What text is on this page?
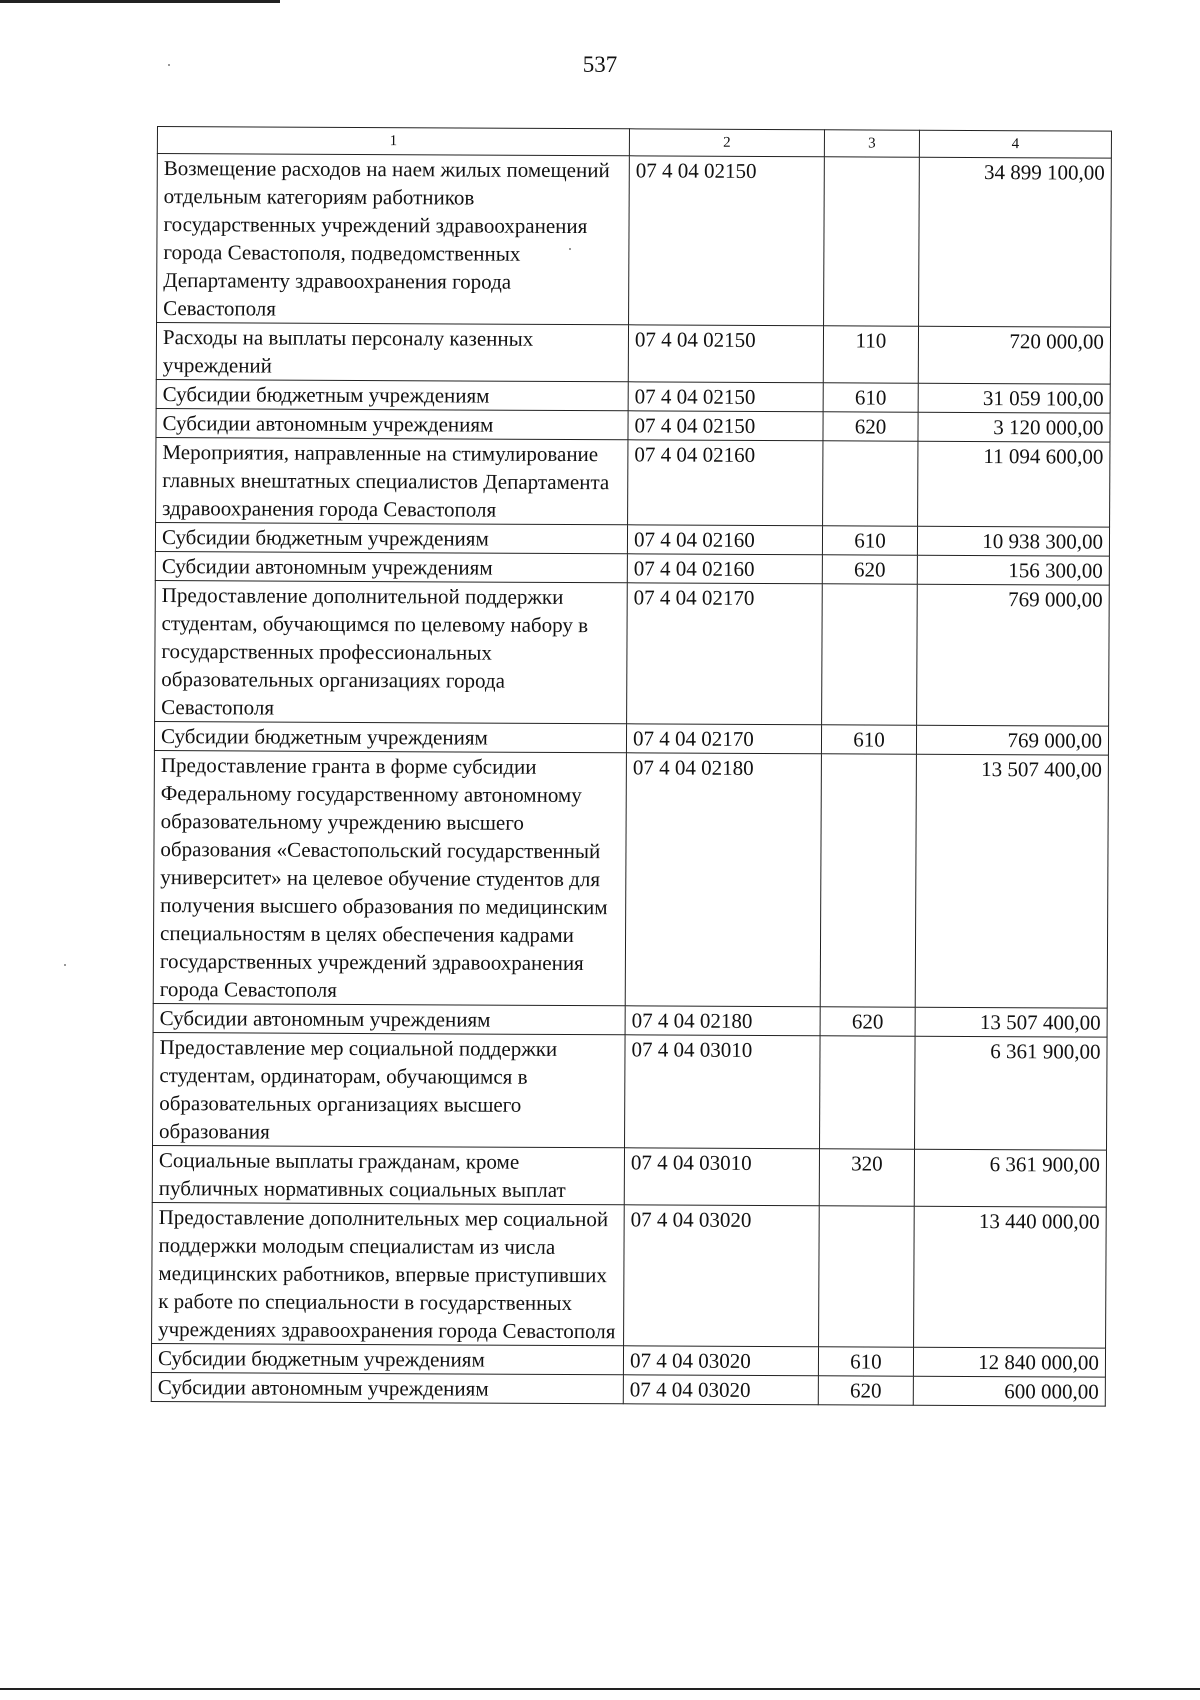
537
1	2	3	4
Возмещение расходов на наем жилых помещений отдельным категориям работников государственных учреждений здравоохранения города Севастополя, подведомственных Департаменту здравоохранения города Севастополя	07 4 04 02150		34 899 100,00
Расходы на выплаты персоналу казенных учреждений	07 4 04 02150	110	720 000,00
Субсидии бюджетным учреждениям	07 4 04 02150	610	31 059 100,00
Субсидии автономным учреждениям	07 4 04 02150	620	3 120 000,00
Мероприятия, направленные на стимулирование главных внештатных специалистов Департамента здравоохранения города Севастополя	07 4 04 02160		11 094 600,00
Субсидии бюджетным учреждениям	07 4 04 02160	610	10 938 300,00
Субсидии автономным учреждениям	07 4 04 02160	620	156 300,00
Предоставление дополнительной поддержки студентам, обучающимся по целевому набору в государственных профессиональных образовательных организациях города Севастополя	07 4 04 02170		769 000,00
Субсидии бюджетным учреждениям	07 4 04 02170	610	769 000,00
Предоставление гранта в форме субсидии Федеральному государственному автономному образовательному учреждению высшего образования «Севастопольский государственный университет» на целевое обучение студентов для получения высшего образования по медицинским специальностям в целях обеспечения кадрами государственных учреждений здравоохранения города Севастополя	07 4 04 02180		13 507 400,00
Субсидии автономным учреждениям	07 4 04 02180	620	13 507 400,00
Предоставление мер социальной поддержки студентам, ординаторам, обучающимся в образовательных организациях высшего образования	07 4 04 03010		6 361 900,00
Социальные выплаты гражданам, кроме публичных нормативных социальных выплат	07 4 04 03010	320	6 361 900,00
Предоставление дополнительных мер социальной поддержки молодым специалистам из числа медицинских работников, впервые приступивших к работе по специальности в государственных учреждениях здравоохранения города Севастополя	07 4 04 03020		13 440 000,00
Субсидии бюджетным учреждениям	07 4 04 03020	610	12 840 000,00
Субсидии автономным учреждениям	07 4 04 03020	620	600 000,00
